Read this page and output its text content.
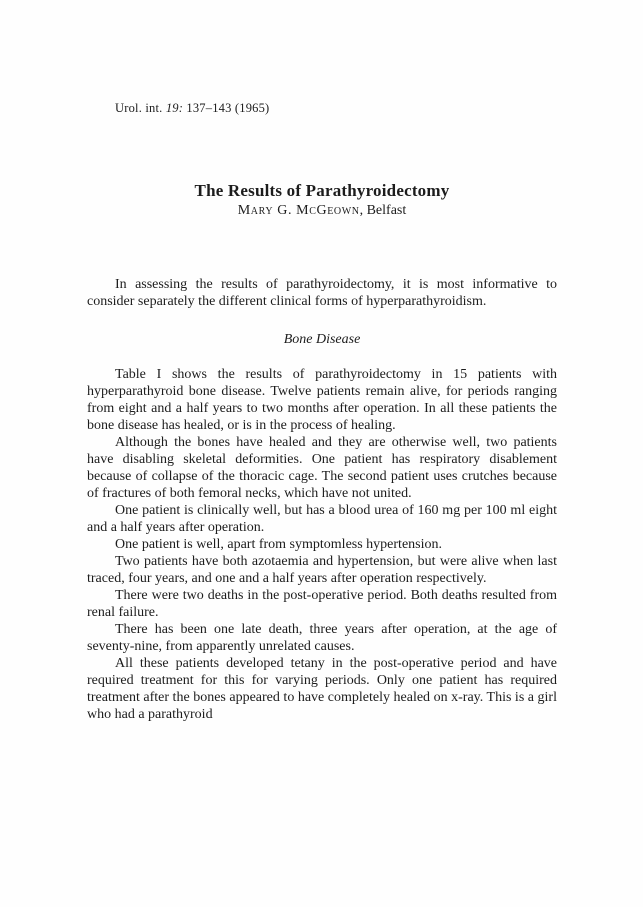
Urol. int. 19: 137–143 (1965)
The Results of Parathyroidectomy
Mary G. McGeown, Belfast

In assessing the results of parathyroidectomy, it is most informative to consider separately the different clinical forms of hyperparathyroidism.

Bone Disease

Table I shows the results of parathyroidectomy in 15 patients with hyperparathyroid bone disease. Twelve patients remain alive, for periods ranging from eight and a half years to two months after operation. In all these patients the bone disease has healed, or is in the process of healing.

Although the bones have healed and they are otherwise well, two patients have disabling skeletal deformities. One patient has respiratory disablement because of collapse of the thoracic cage. The second patient uses crutches because of fractures of both femoral necks, which have not united.

One patient is clinically well, but has a blood urea of 160 mg per 100 ml eight and a half years after operation.

One patient is well, apart from symptomless hypertension.

Two patients have both azotaemia and hypertension, but were alive when last traced, four years, and one and a half years after operation respectively.

There were two deaths in the post-operative period. Both deaths resulted from renal failure.

There has been one late death, three years after operation, at the age of seventy-nine, from apparently unrelated causes.

All these patients developed tetany in the post-operative period and have required treatment for this for varying periods. Only one patient has required treatment after the bones appeared to have completely healed on x-ray. This is a girl who had a parathyroid
